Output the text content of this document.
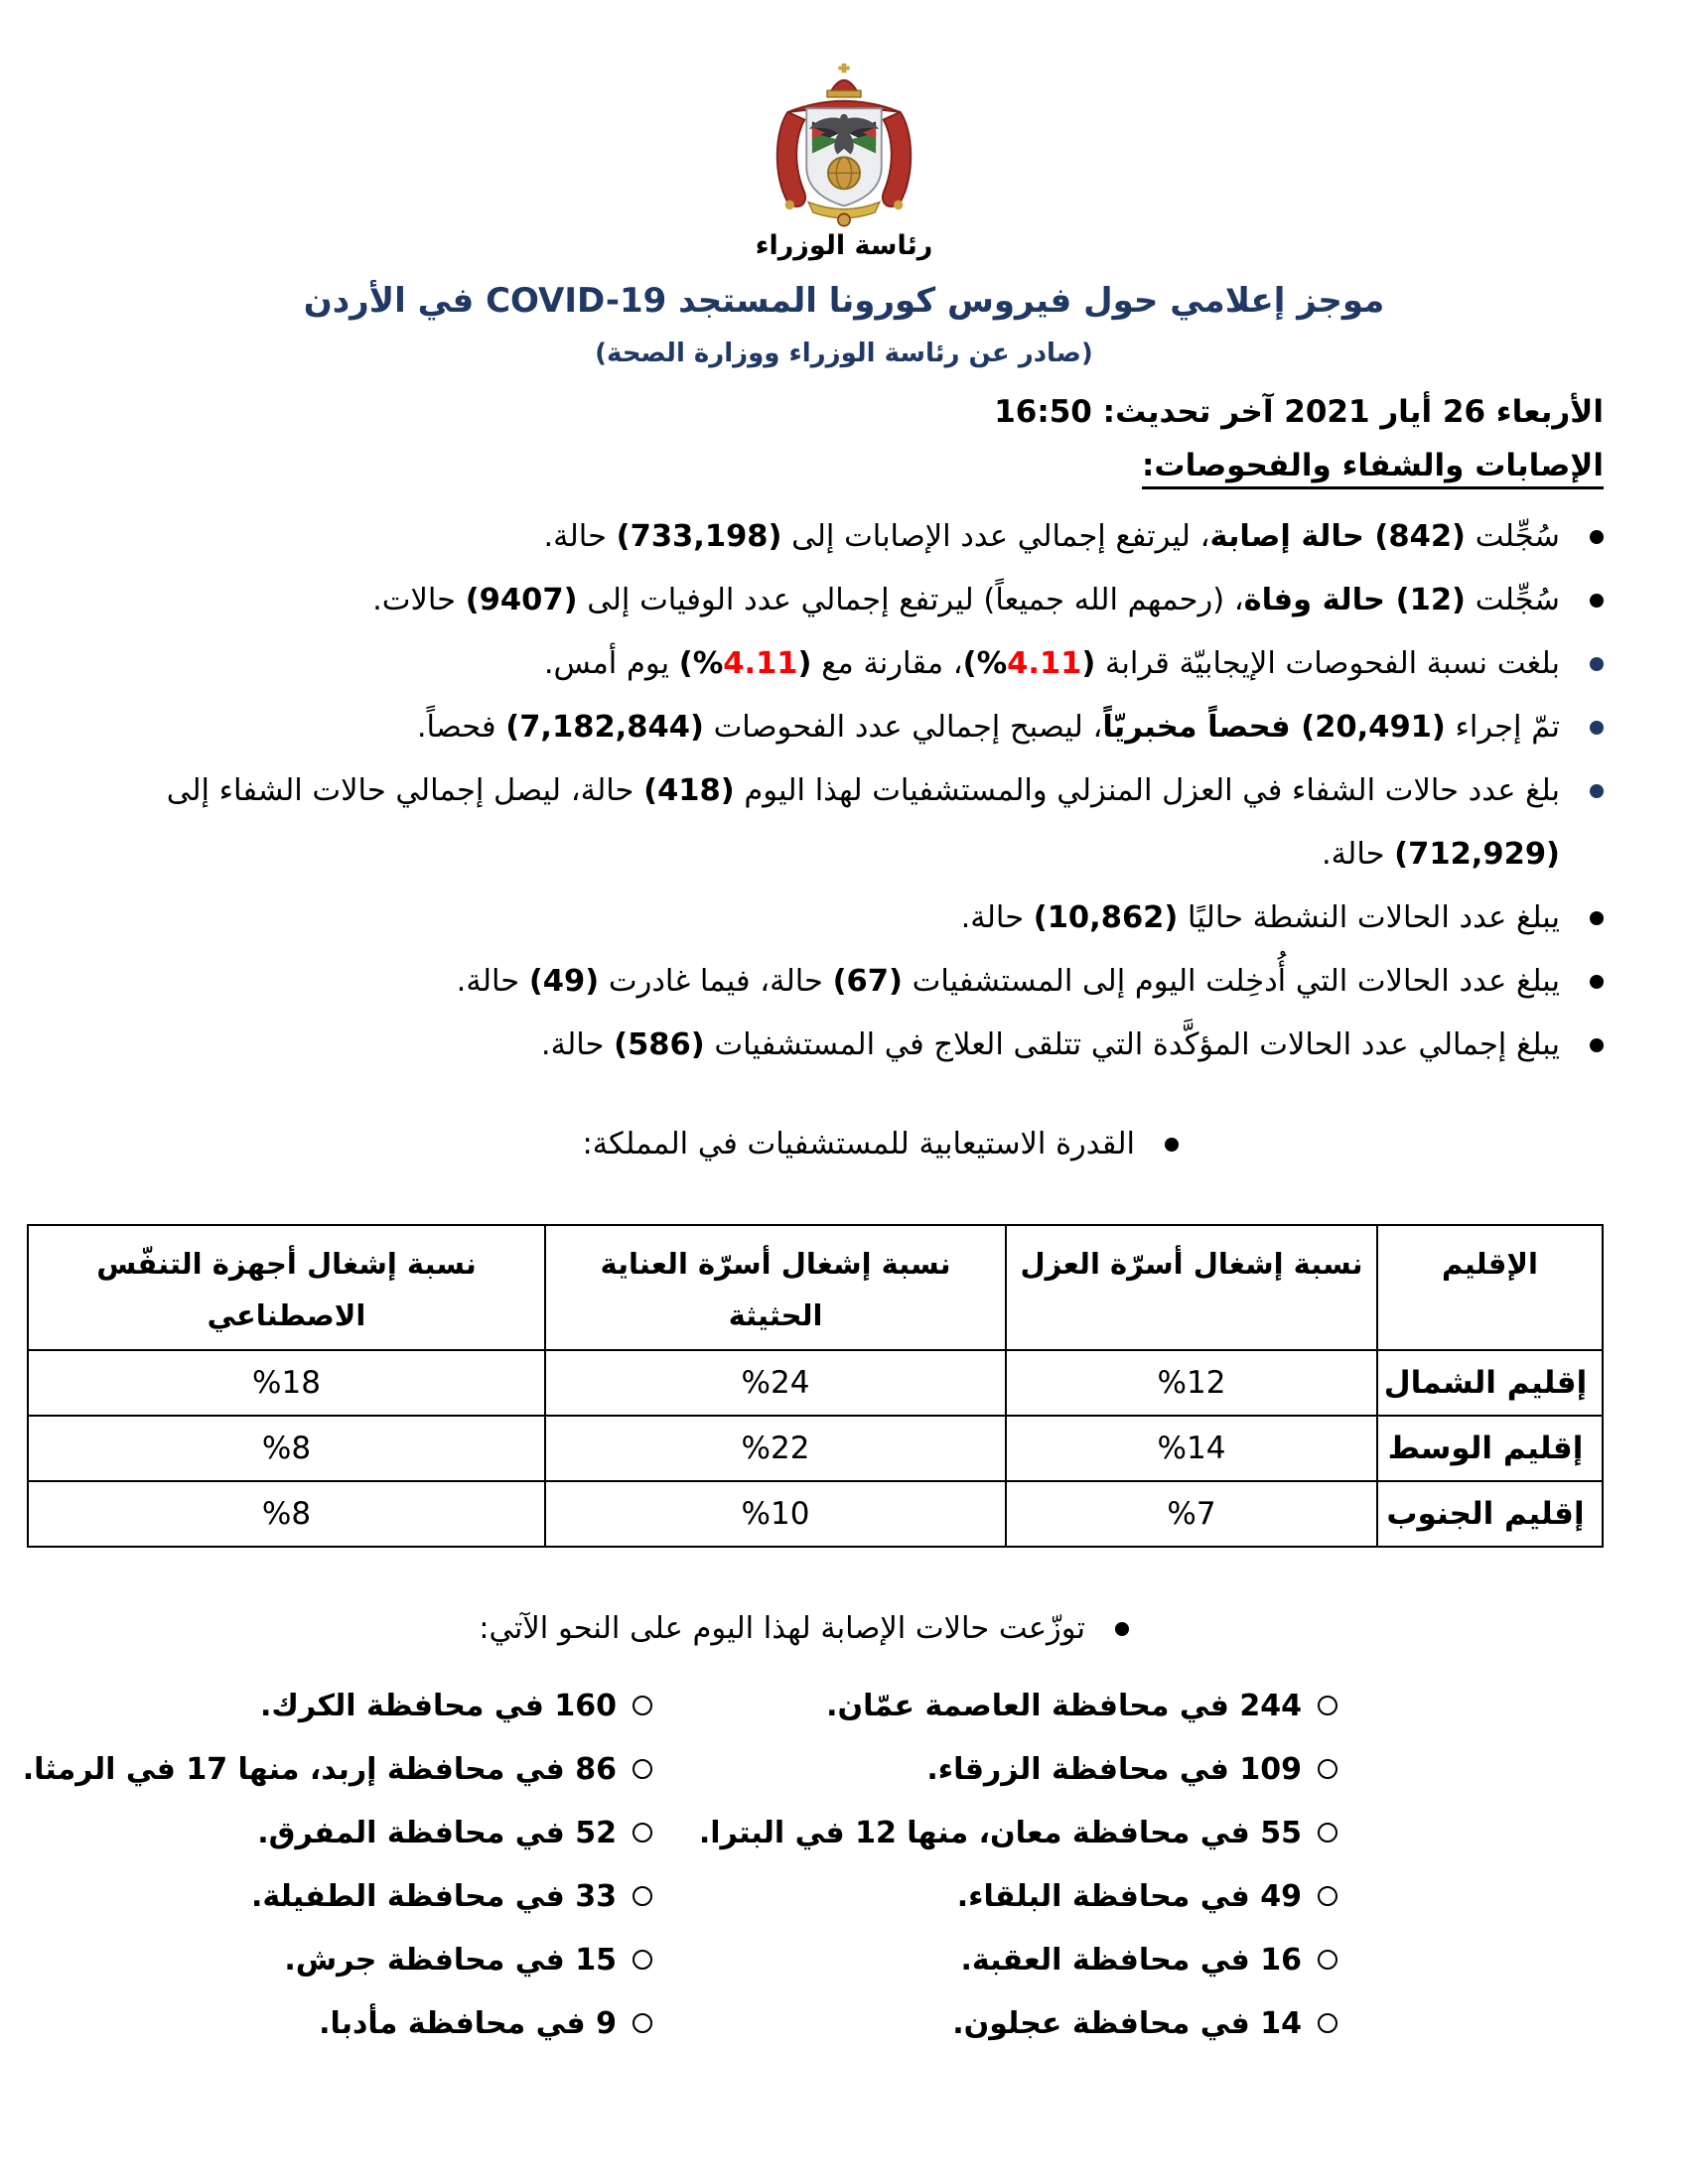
رئاسة الوزراء
موجز إعلامي حول فيروس كورونا المستجد COVID-19 في الأردن
(صادر عن رئاسة الوزراء ووزارة الصحة)
الأربعاء 26 أيار 2021 آخر تحديث: 16:50
الإصابات والشفاء والفحوصات:
سُجِّلت (842) حالة إصابة، ليرتفع إجمالي عدد الإصابات إلى (733,198) حالة.
سُجِّلت (12) حالة وفاة، (رحمهم الله جميعاً) ليرتفع إجمالي عدد الوفيات إلى (9407) حالات.
بلغت نسبة الفحوصات الإيجابيّة قرابة (%4.11)، مقارنة مع (%4.11) يوم أمس.
تمّ إجراء (20,491) فحصاً مخبريّاً، ليصبح إجمالي عدد الفحوصات (7,182,844) فحصاً.
بلغ عدد حالات الشفاء في العزل المنزلي والمستشفيات لهذا اليوم (418) حالة، ليصل إجمالي حالات الشفاء إلى (712,929) حالة.
يبلغ عدد الحالات النشطة حاليًا (10,862) حالة.
يبلغ عدد الحالات التي أُدخِلت اليوم إلى المستشفيات (67) حالة، فيما غادرت (49) حالة.
يبلغ إجمالي عدد الحالات المؤكَّدة التي تتلقى العلاج في المستشفيات (586) حالة.
القدرة الاستيعابية للمستشفيات في المملكة:
الإقليم	نسبة إشغال أسرّة العزل	نسبة إشغال أسرّة العناية الحثيثة	نسبة إشغال أجهزة التنفّس الاصطناعي
إقليم الشمال	%12	%24	%18
إقليم الوسط	%14	%22	%8
إقليم الجنوب	%7	%10	%8
توزّعت حالات الإصابة لهذا اليوم على النحو الآتي:
244 في محافظة العاصمة عمّان.
109 في محافظة الزرقاء.
55 في محافظة معان، منها 12 في البترا.
49 في محافظة البلقاء.
16 في محافظة العقبة.
14 في محافظة عجلون.
160 في محافظة الكرك.
86 في محافظة إربد، منها 17 في الرمثا.
52 في محافظة المفرق.
33 في محافظة الطفيلة.
15 في محافظة جرش.
9 في محافظة مأدبا.
